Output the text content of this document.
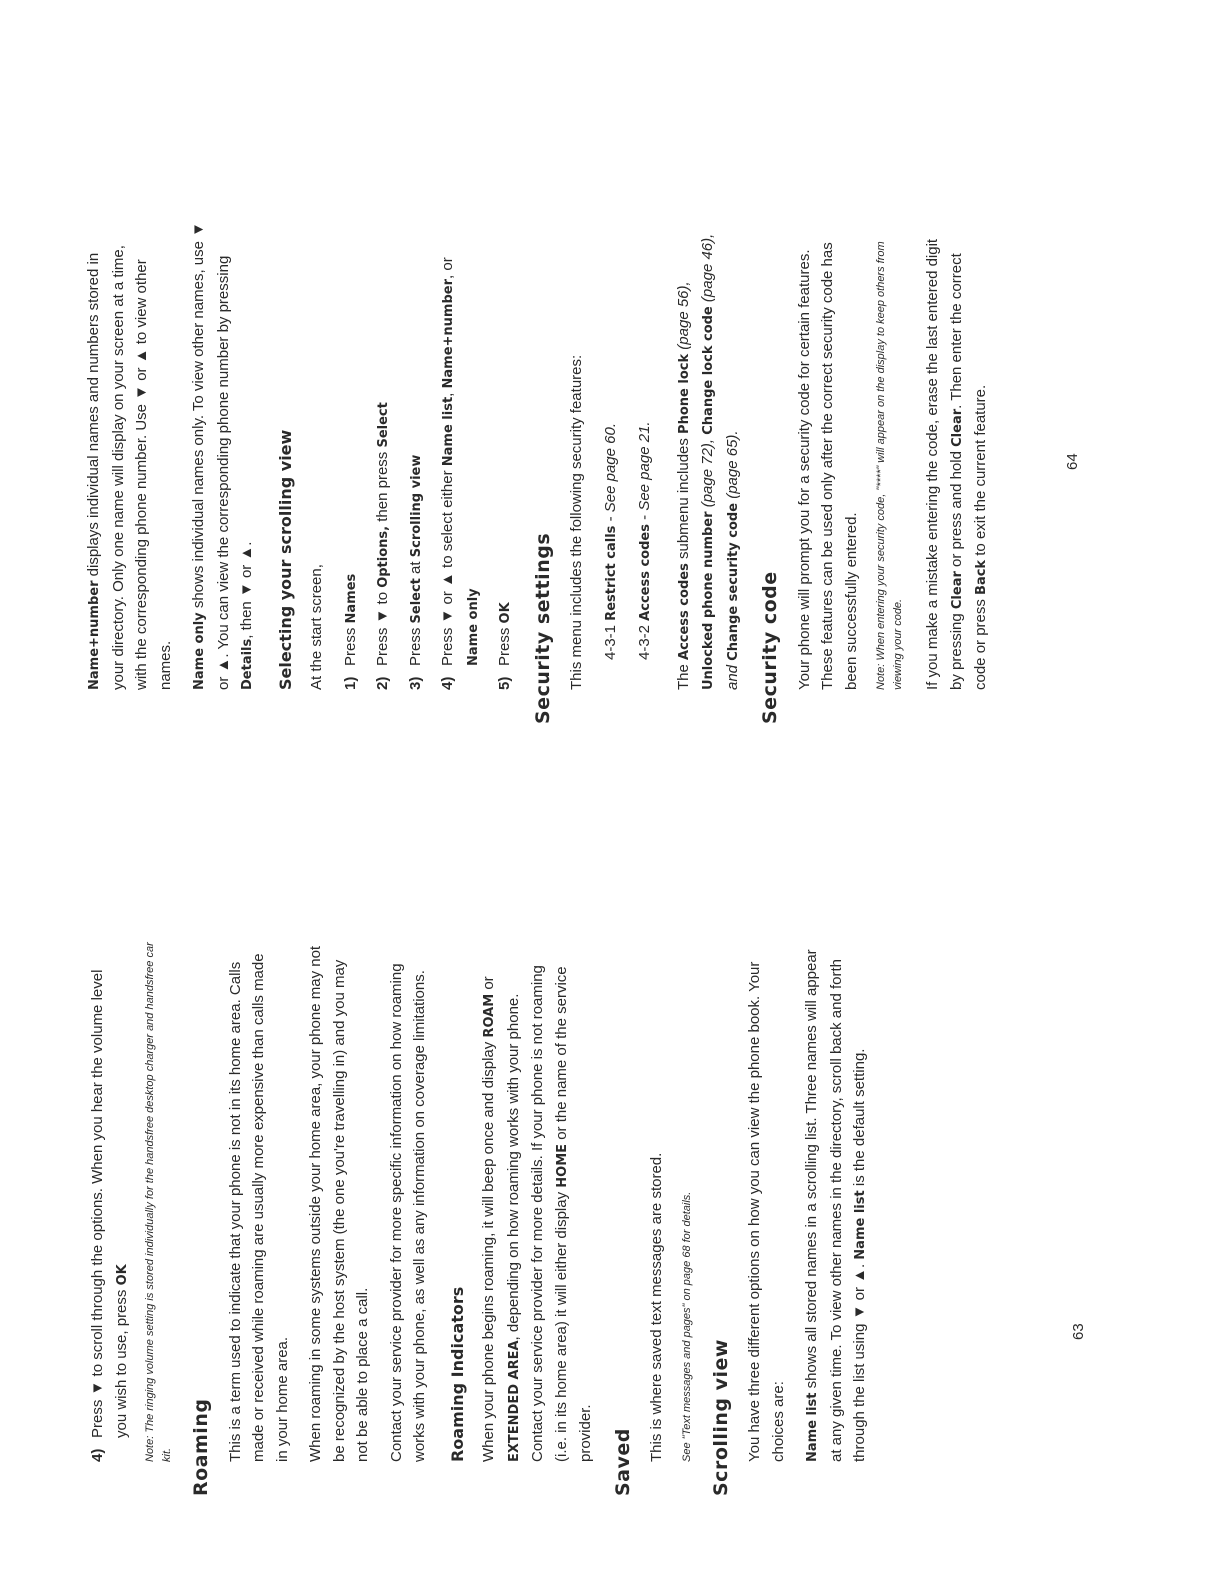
4)
Press ▼ to scroll through the options. When you hear the volume level you wish to use, press OK	Note: The ringing volume setting is stored individually for the handsfree desktop charger and handsfree car kit. Roaming This is a term used to indicate that your phone is not in its home area. Calls made or received while roaming are usually more expensive than calls made in your home area. When roaming in some systems outside your home area, your phone may not be recognized by the host system (the one you're travelling in) and you may not be able to place a call. Contact your service provider for more specific information on how roaming works with your phone, as well as any information on coverage limitations. Roaming Indicators When your phone begins roaming, it will beep once and display ROAM or EXTENDED AREA, depending on how roaming works with your phone. Contact your service provider for more details. If your phone is not roaming (i.e. in its home area) it will either display HOME or the name of the service provider. Saved

This is where saved text messages are stored.	See "Text messages and pages" on page 68 for details. Scrolling view You have three different options on how you can view the phone book. Your choices are:	Name list shows all stored names in a scrolling list. Three names will appear at any given time. To view other names in the directory, scroll back and forth through the list using ▼ or ▲. Name list is the default setting.

63

Name+number displays individual names and numbers stored in your directory. Only one name will display on your screen at a time, with the corresponding phone number. Use ▼ or ▲ to view other names.	Name only shows individual names only. To view other names, use ▼ or ▲. You can view the corresponding phone number by pressing Details, then ▼ or ▲. Selecting your scrolling view At the start screen, 1)
Press Names
2)
Press ▼ to Options, then press Select
3)
Press Select at Scrolling view
4)
Press ▼ or ▲ to select either Name list, Name+number, or Name only
5)
Press OK Security settings This menu includes the following security features: 4-3-1 Restrict calls - See page 60.

4-3-2 Access codes - See page 21.

The Access codes submenu includes Phone lock (page 56), Unlocked phone number (page 72), Change lock code (page 46), and Change security code (page 65).

Security code Your phone will prompt you for a security code for certain features. These features can be used only after the correct security code has been successfully entered.	Note: When entering your security code, "****" will appear on the display to keep others from viewing your code. If you make a mistake entering the code, erase the last entered digit by pressing Clear or press and hold Clear. Then enter the correct code or press Back to exit the current feature.	64
